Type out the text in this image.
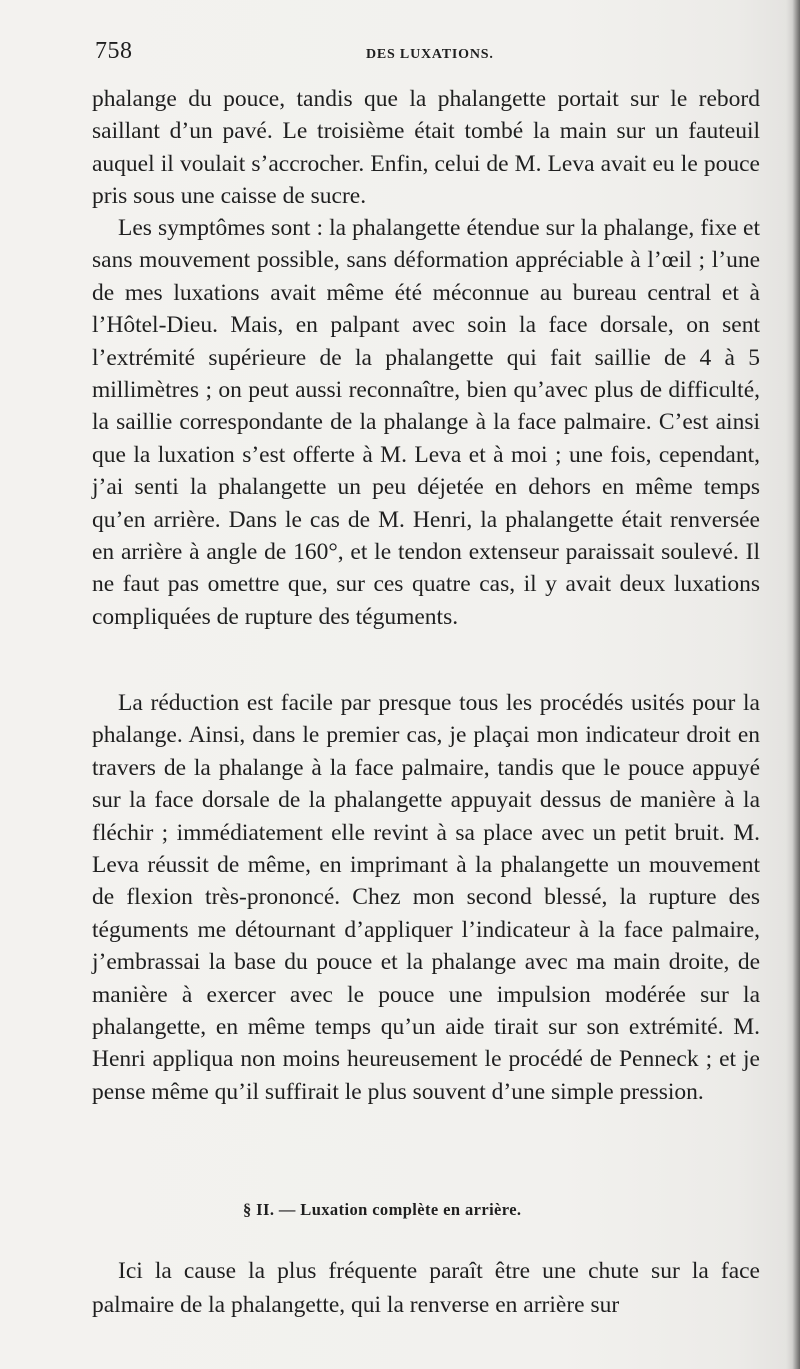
758	DES LUXATIONS.

phalange du pouce, tandis que la phalangette portait sur le rebord saillant d’un pavé. Le troisième était tombé la main sur un fauteuil auquel il voulait s’accrocher. Enfin, celui de M. Leva avait eu le pouce pris sous une caisse de sucre.

Les symptômes sont : la phalangette étendue sur la phalange, fixe et sans mouvement possible, sans déformation appréciable à l’œil ; l’une de mes luxations avait même été méconnue au bureau central et à l’Hôtel-Dieu. Mais, en palpant avec soin la face dorsale, on sent l’extrémité supérieure de la phalangette qui fait saillie de 4 à 5 millimètres ; on peut aussi reconnaître, bien qu’avec plus de difficulté, la saillie correspondante de la phalange à la face palmaire. C’est ainsi que la luxation s’est offerte à M. Leva et à moi ; une fois, cependant, j’ai senti la phalangette un peu déjetée en dehors en même temps qu’en arrière. Dans le cas de M. Henri, la phalangette était renversée en arrière à angle de 160°, et le tendon extenseur paraissait soulevé. Il ne faut pas omettre que, sur ces quatre cas, il y avait deux luxations compliquées de rupture des téguments.

La réduction est facile par presque tous les procédés usités pour la phalange. Ainsi, dans le premier cas, je plaçai mon indicateur droit en travers de la phalange à la face palmaire, tandis que le pouce appuyé sur la face dorsale de la phalangette appuyait dessus de manière à la fléchir ; immédiatement elle revint à sa place avec un petit bruit. M. Leva réussit de même, en imprimant à la phalangette un mouvement de flexion très-prononcé. Chez mon second blessé, la rupture des téguments me détournant d’appliquer l’indicateur à la face palmaire, j’embrassai la base du pouce et la phalange avec ma main droite, de manière à exercer avec le pouce une impulsion modérée sur la phalangette, en même temps qu’un aide tirait sur son extrémité. M. Henri appliqua non moins heureusement le procédé de Penneck ; et je pense même qu’il suffirait le plus souvent d’une simple pression.

§ II. — Luxation complète en arrière.

Ici la cause la plus fréquente paraît être une chute sur la face palmaire de la phalangette, qui la renverse en arrière sur
